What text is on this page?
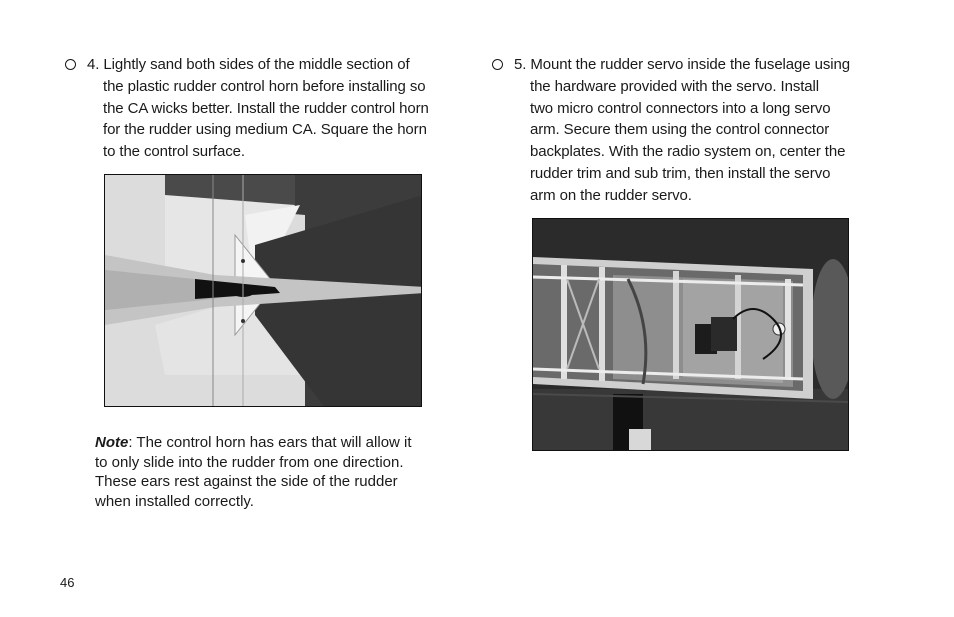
4. Lightly sand both sides of the middle section of
the plastic rudder control horn before installing so
the CA wicks better. Install the rudder control horn
for the rudder using medium CA. Square the horn
to the control surface.
Note: The control horn has ears that will allow it
to only slide into the rudder from one direction.
These ears rest against the side of the rudder
when installed correctly.
5. Mount the rudder servo inside the fuselage using
the hardware provided with the servo. Install
two micro control connectors into a long servo
arm. Secure them using the control connector
backplates. With the radio system on, center the
rudder trim and sub trim, then install the servo
arm on the rudder servo.
46
